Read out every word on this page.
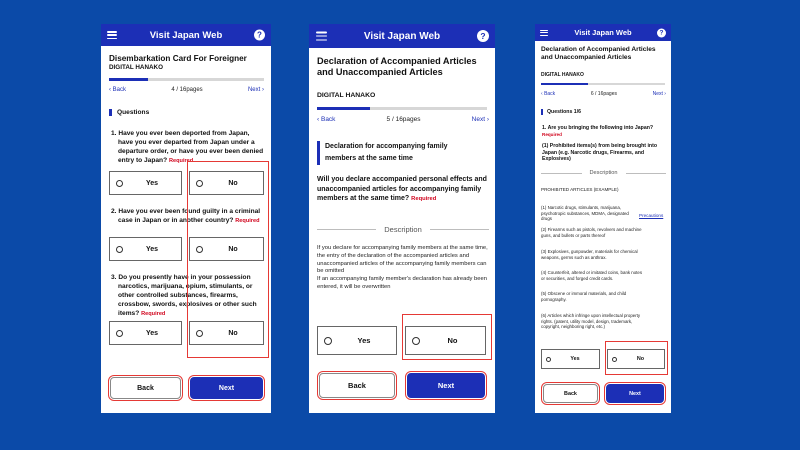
Visit Japan Web	?
Disembarkation Card For Foreigner
DIGITAL HANAKO
‹ Back	4 / 16pages	Next ›
Questions
1. Have you ever been deported from Japan, have you ever departed from Japan under a departure order, or have you ever been denied entry to Japan? Required
Yes	No
2. Have you ever been found guilty in a criminal case in Japan or in another country? Required
Yes	No
3. Do you presently have in your possession narcotics, marijuana, opium, stimulants, or other controlled substances, firearms, crossbow, swords, explosives or other such items? Required
Yes	No
Back	Next
Visit Japan Web	?
Declaration of Accompanied Articles and Unaccompanied Articles
DIGITAL HANAKO
‹ Back	5 / 16pages	Next ›
Declaration for accompanying family members at the same time
Will you declare accompanied personal effects and unaccompanied articles for accompanying family members at the same time? Required
Description
If you declare for accompanying family members at the same time, the entry of the declaration of the accompanied articles and unaccompanied articles of the accompanying family members can be omitted
If an accompanying family member's declaration has already been entered, it will be overwritten
Yes	No
Back	Next
Visit Japan Web	?
Declaration of Accompanied Articles and Unaccompanied Articles
DIGITAL HANAKO
‹ Back	6 / 16pages	Next ›
Questions 1/6
1. Are you bringing the following into Japan? Required
(1) Prohibited items(s) from being brought into Japan (e.g. Narcotic drugs, Firearms, and Explosives)
Description
PROHIBITED ARTICLES (EXAMPLE)
(1) Narcotic drugs, stimulants, marijuana, psychotropic substances, MDMA, designated drugs
(2) Firearms such as pistols, revolvers and machine guns, and bullets or parts thereof
(3) Explosives, gunpowder, materials for chemical weapons, germs such as anthrax.
(4) Counterfeit, altered or imitated coins, bank notes or securities, and forged credit cards.
(5) Obscene or immoral materials, and child pornography.
(6) Articles which infringe upon intellectual property rights. (patent, utility model, design, trademark, copyright, neighboring right, etc.)
Precautions
Yes	No
Back	Next
